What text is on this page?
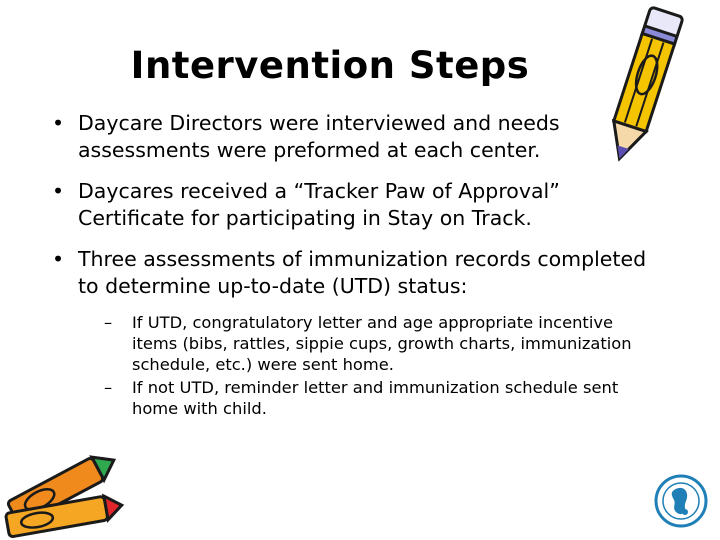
Intervention Steps
• Daycare Directors were interviewed and needs assessments were preformed at each center.
• Daycares received a “Tracker Paw of Approval” Certificate for participating in Stay on Track.
• Three assessments of immunization records completed to determine up-to-date (UTD) status:
– If UTD, congratulatory letter and age appropriate incentive items (bibs, rattles, sippie cups, growth charts, immunization schedule, etc.) were sent home.
– If not UTD, reminder letter and immunization schedule sent home with child.
